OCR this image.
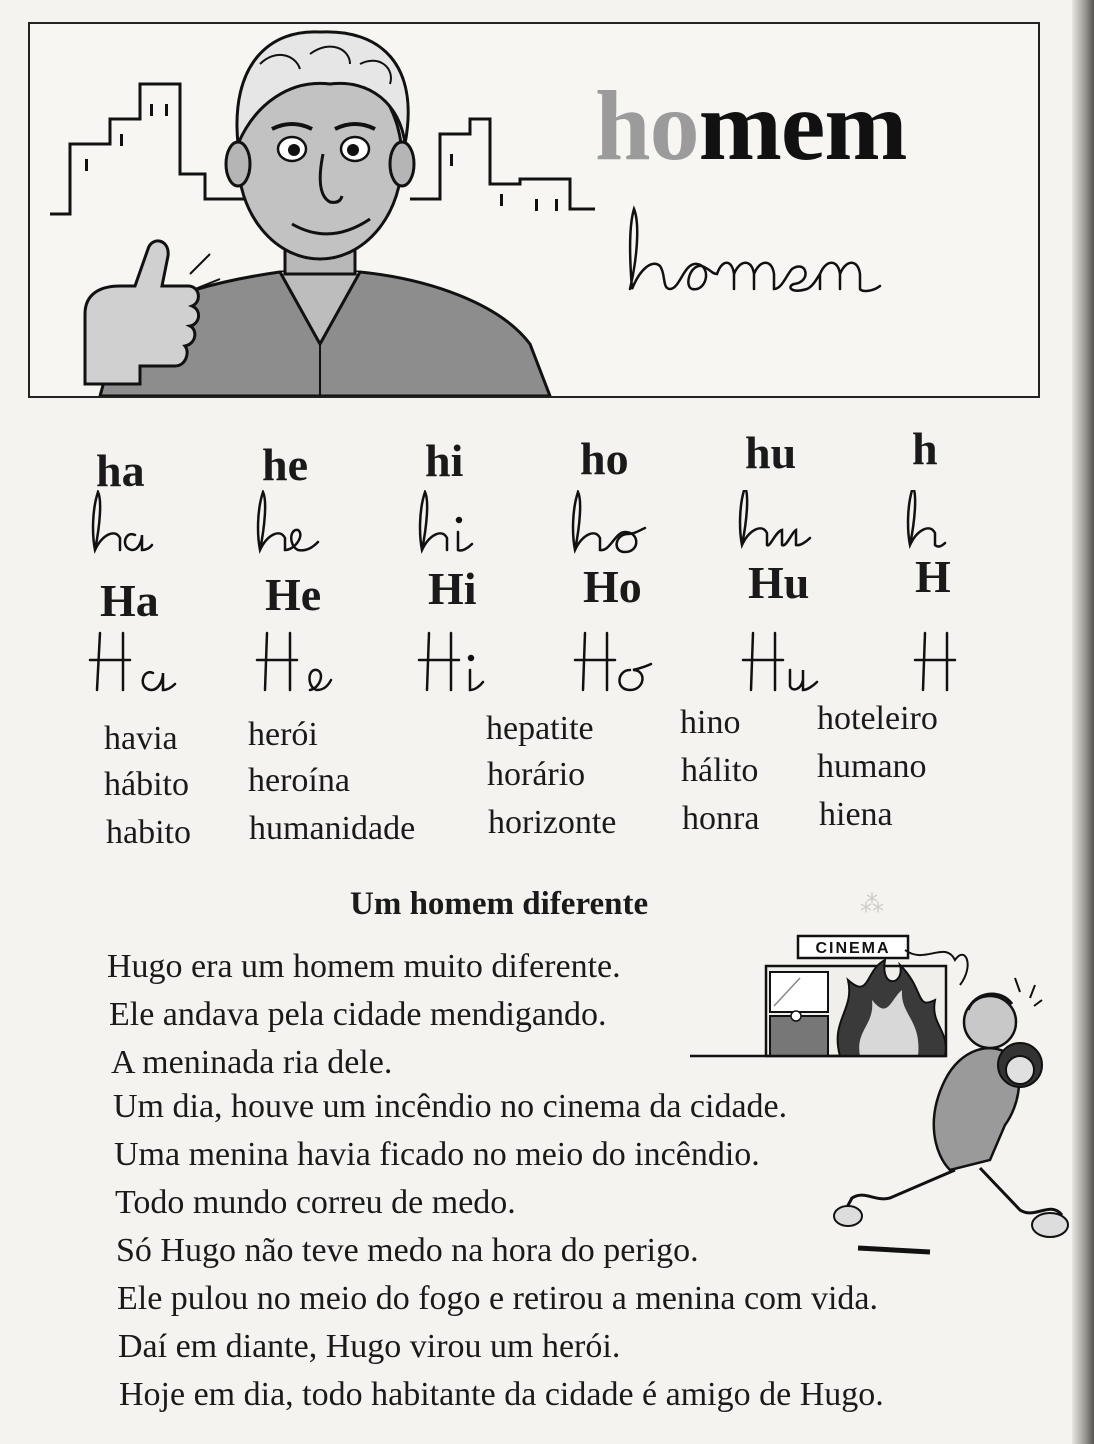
⁂
homem
ha	he	hi	ho	hu	h
Ha He Hi Ho Hu H
havia
hábito
habito
herói
heroína
humanidade
hepatite
horário
horizonte
hino
hálito
honra
hoteleiro
humano
hiena
Um homem diferente
Hugo era um homem muito diferente.
Ele andava pela cidade mendigando.
A meninada ria dele.
Um dia, houve um incêndio no cinema da cidade.
Uma menina havia ficado no meio do incêndio.
Todo mundo correu de medo.
Só Hugo não teve medo na hora do perigo.
Ele pulou no meio do fogo e retirou a menina com vida.
Daí em diante, Hugo virou um herói.
Hoje em dia, todo habitante da cidade é amigo de Hugo.
CINEMA
